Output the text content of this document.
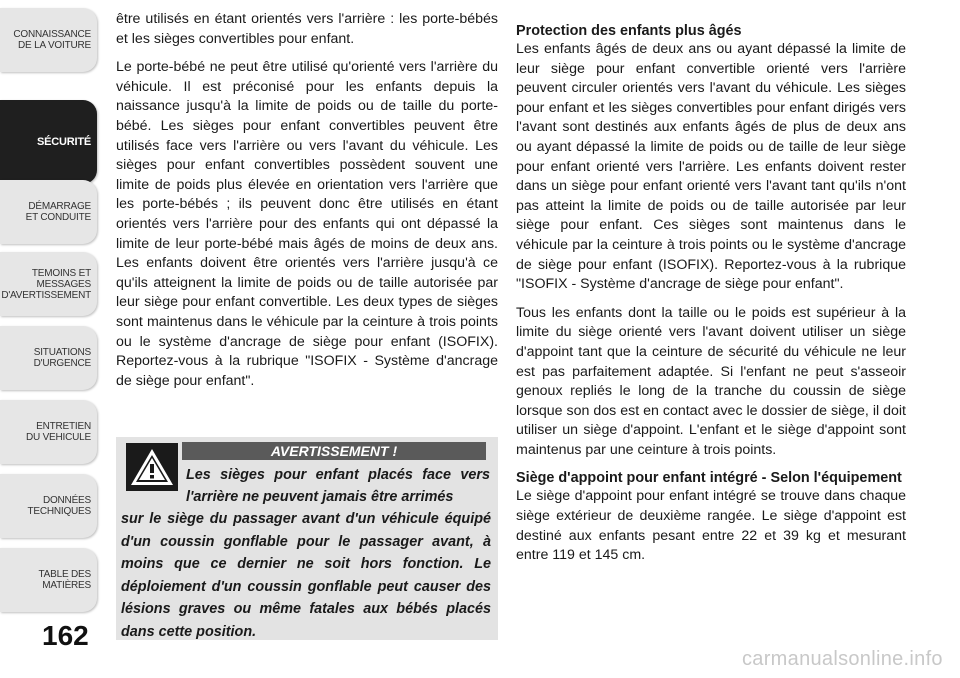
CONNAISSANCE
DE LA VOITURE
SÉCURITÉ
DÉMARRAGE
ET CONDUITE
TEMOINS ET
MESSAGES
D'AVERTISSEMENT
SITUATIONS
D'URGENCE
ENTRETIEN
DU VEHICULE
DONNÉES
TECHNIQUES
TABLE DES
MATIÈRES
162

être utilisés en étant orientés vers l'arrière : les porte-bébés et les sièges convertibles pour enfant.

Le porte-bébé ne peut être utilisé qu'orienté vers l'arrière du véhicule. Il est préconisé pour les enfants depuis la naissance jusqu'à la limite de poids ou de taille du porte-bébé. Les sièges pour enfant convertibles peuvent être utilisés face vers l'arrière ou vers l'avant du véhicule. Les sièges pour enfant convertibles possèdent souvent une limite de poids plus élevée en orientation vers l'arrière que les porte-bébés ; ils peuvent donc être utilisés en étant orientés vers l'arrière pour des enfants qui ont dépassé la limite de leur porte-bébé mais âgés de moins de deux ans. Les enfants doivent être orientés vers l'arrière jusqu'à ce qu'ils atteignent la limite de poids ou de taille autorisée par leur siège pour enfant convertible. Les deux types de sièges sont maintenus dans le véhicule par la ceinture à trois points ou le système d'ancrage de siège pour enfant (ISOFIX). Reportez-vous à la rubrique "ISOFIX - Système d'ancrage de siège pour enfant".

AVERTISSEMENT !
Les sièges pour enfant placés face vers l'arrière ne peuvent jamais être arrimés
sur le siège du passager avant d'un véhicule équipé d'un coussin gonflable pour le passager avant, à moins que ce dernier ne soit hors fonction. Le déploiement d'un coussin gonflable peut causer des lésions graves ou même fatales aux bébés placés dans cette position.
Protection des enfants plus âgés

Les enfants âgés de deux ans ou ayant dépassé la limite de leur siège pour enfant convertible orienté vers l'arrière peuvent circuler orientés vers l'avant du véhicule. Les sièges pour enfant et les sièges convertibles pour enfant dirigés vers l'avant sont destinés aux enfants âgés de plus de deux ans ou ayant dépassé la limite de poids ou de taille de leur siège pour enfant orienté vers l'arrière. Les enfants doivent rester dans un siège pour enfant orienté vers l'avant tant qu'ils n'ont pas atteint la limite de poids ou de taille autorisée par leur siège pour enfant. Ces sièges sont maintenus dans le véhicule par la ceinture à trois points ou le système d'ancrage de siège pour enfant (ISOFIX). Reportez-vous à la rubrique "ISOFIX - Système d'ancrage de siège pour enfant".

Tous les enfants dont la taille ou le poids est supérieur à la limite du siège orienté vers l'avant doivent utiliser un siège d'appoint tant que la ceinture de sécurité du véhicule ne leur est pas parfaitement adaptée. Si l'enfant ne peut s'asseoir genoux repliés le long de la tranche du coussin de siège lorsque son dos est en contact avec le dossier de siège, il doit utiliser un siège d'appoint. L'enfant et le siège d'appoint sont maintenus par une ceinture à trois points.

Siège d'appoint pour enfant intégré - Selon l'équipement

Le siège d'appoint pour enfant intégré se trouve dans chaque siège extérieur de deuxième rangée. Le siège d'appoint est destiné aux enfants pesant entre 22 et 39 kg et mesurant entre 119 et 145 cm.

carmanualsonline.info
